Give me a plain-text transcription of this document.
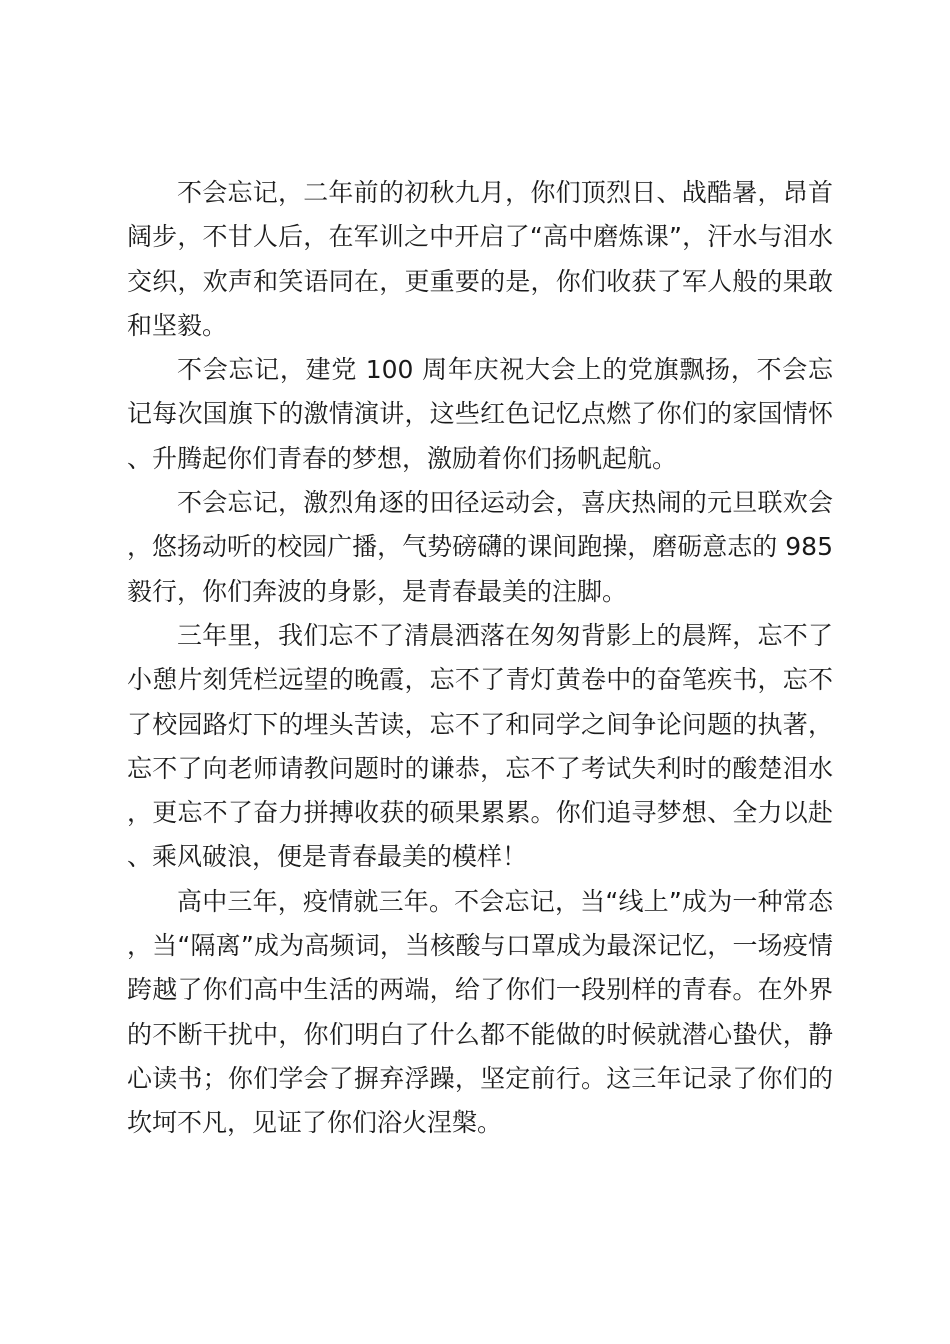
不会忘记，二年前的初秋九月，你们顶烈日、战酷暑，昂首阔步，不甘人后，在军训之中开启了“高中磨炼课”，汗水与泪水交织，欢声和笑语同在，更重要的是，你们收获了军人般的果敢和坚毅。

不会忘记，建党 100 周年庆祝大会上的党旗飘扬，不会忘记每次国旗下的激情演讲，这些红色记忆点燃了你们的家国情怀、升腾起你们青春的梦想，激励着你们扬帆起航。

不会忘记，激烈角逐的田径运动会，喜庆热闹的元旦联欢会，悠扬动听的校园广播，气势磅礴的课间跑操，磨砺意志的 985 毅行，你们奔波的身影，是青春最美的注脚。

三年里，我们忘不了清晨洒落在匆匆背影上的晨辉，忘不了小憩片刻凭栏远望的晚霞，忘不了青灯黄卷中的奋笔疾书，忘不了校园路灯下的埋头苦读，忘不了和同学之间争论问题的执著，忘不了向老师请教问题时的谦恭，忘不了考试失利时的酸楚泪水，更忘不了奋力拼搏收获的硕果累累。你们追寻梦想、全力以赴、乘风破浪，便是青春最美的模样！

高中三年，疫情就三年。不会忘记，当“线上”成为一种常态，当“隔离”成为高频词，当核酸与口罩成为最深记忆，一场疫情跨越了你们高中生活的两端，给了你们一段别样的青春。在外界的不断干扰中，你们明白了什么都不能做的时候就潜心蛰伏，静心读书；你们学会了摒弃浮躁，坚定前行。这三年记录了你们的坎坷不凡，见证了你们浴火涅槃。
